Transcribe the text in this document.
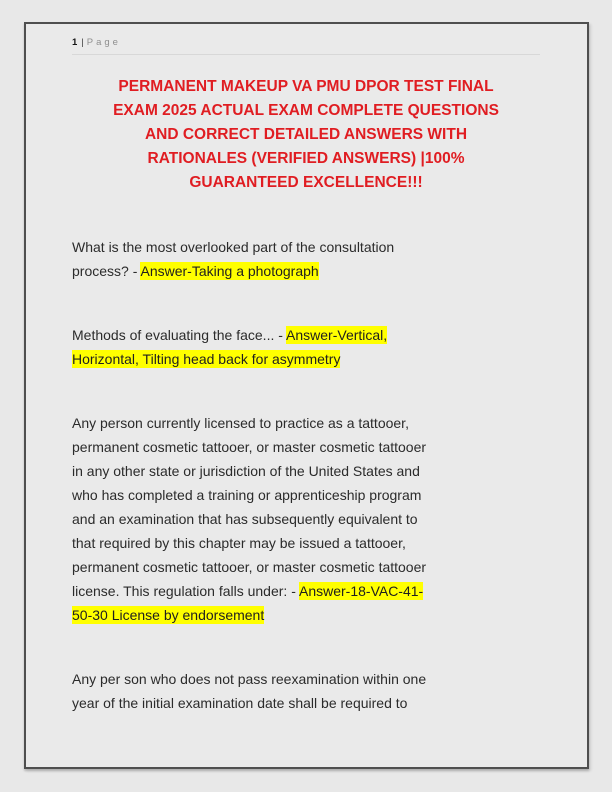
1 | Page
PERMANENT MAKEUP VA PMU DPOR TEST FINAL
EXAM 2025 ACTUAL EXAM COMPLETE QUESTIONS
AND CORRECT DETAILED ANSWERS WITH
RATIONALES (VERIFIED ANSWERS) |100%
GUARANTEED EXCELLENCE!!!

What is the most overlooked part of the consultation
process? - Answer-Taking a photograph

Methods of evaluating the face... - Answer-Vertical,
Horizontal, Tilting head back for asymmetry

Any person currently licensed to practice as a tattooer,
permanent cosmetic tattooer, or master cosmetic tattooer
in any other state or jurisdiction of the United States and
who has completed a training or apprenticeship program
and an examination that has subsequently equivalent to
that required by this chapter may be issued a tattooer,
permanent cosmetic tattooer, or master cosmetic tattooer
license. This regulation falls under: - Answer-18-VAC-41-
50-30 License by endorsement

Any per son who does not pass reexamination within one
year of the initial examination date shall be required to
